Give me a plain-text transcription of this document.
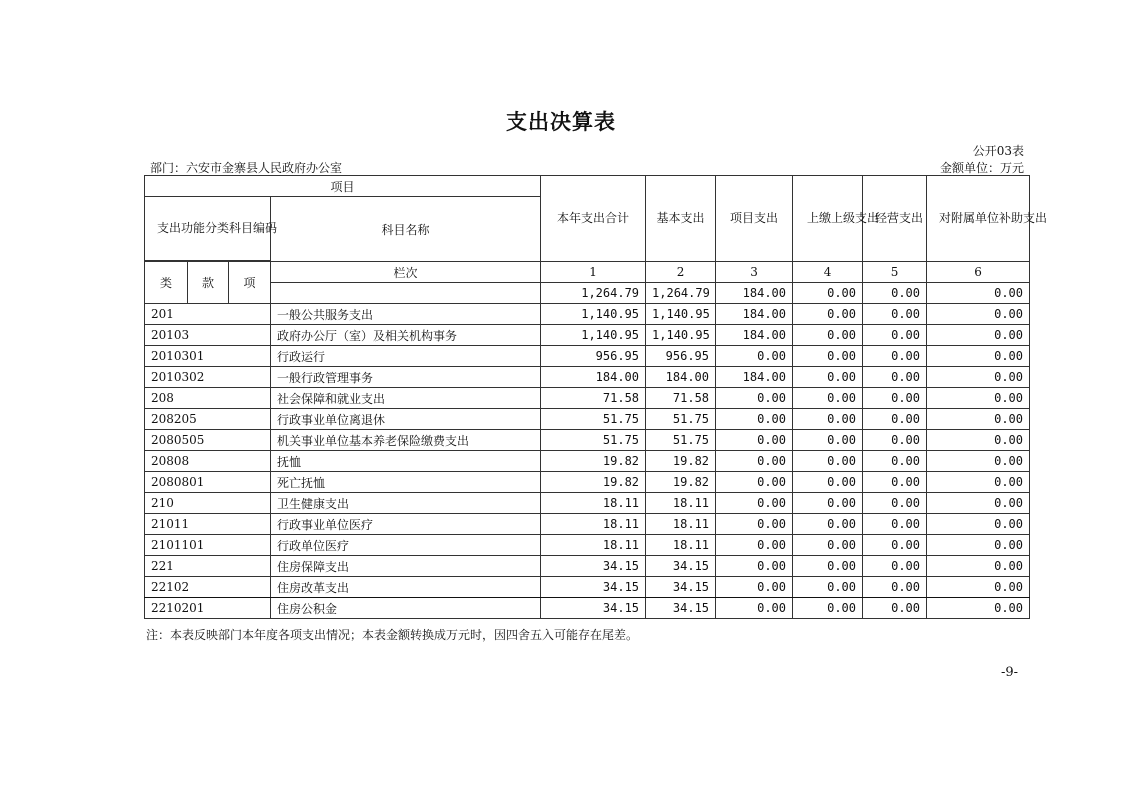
支出决算表
公开03表
部门：六安市金寨县人民政府办公室	金额单位：万元
项目				本年支出合计	基本支出	项目支出	上缴上级支出	经营支出	对附属单位补助支出
支出功能分类科目编码			科目名称						

类	款	项	栏次	1	2	3	4	5	6
				1,264.79	1,264.79	184.00	0.00	0.00	0.00
201			一般公共服务支出	1,140.95	1,140.95	184.00	0.00	0.00	0.00
20103			政府办公厅（室）及相关机构事务	1,140.95	1,140.95	184.00	0.00	0.00	0.00
2010301			行政运行	956.95	956.95	0.00	0.00	0.00	0.00
2010302			一般行政管理事务	184.00	184.00	184.00	0.00	0.00	0.00
208			社会保障和就业支出	71.58	71.58	0.00	0.00	0.00	0.00
208205			行政事业单位离退休	51.75	51.75	0.00	0.00	0.00	0.00
2080505			机关事业单位基本养老保险缴费支出	51.75	51.75	0.00	0.00	0.00	0.00
20808			抚恤	19.82	19.82	0.00	0.00	0.00	0.00
2080801			死亡抚恤	19.82	19.82	0.00	0.00	0.00	0.00
210			卫生健康支出	18.11	18.11	0.00	0.00	0.00	0.00
21011			行政事业单位医疗	18.11	18.11	0.00	0.00	0.00	0.00
2101101			行政单位医疗	18.11	18.11	0.00	0.00	0.00	0.00
221			住房保障支出	34.15	34.15	0.00	0.00	0.00	0.00
22102			住房改革支出	34.15	34.15	0.00	0.00	0.00	0.00
2210201			住房公积金	34.15	34.15	0.00	0.00	0.00	0.00
注：本表反映部门本年度各项支出情况；本表金额转换成万元时，因四舍五入可能存在尾差。
-9-
